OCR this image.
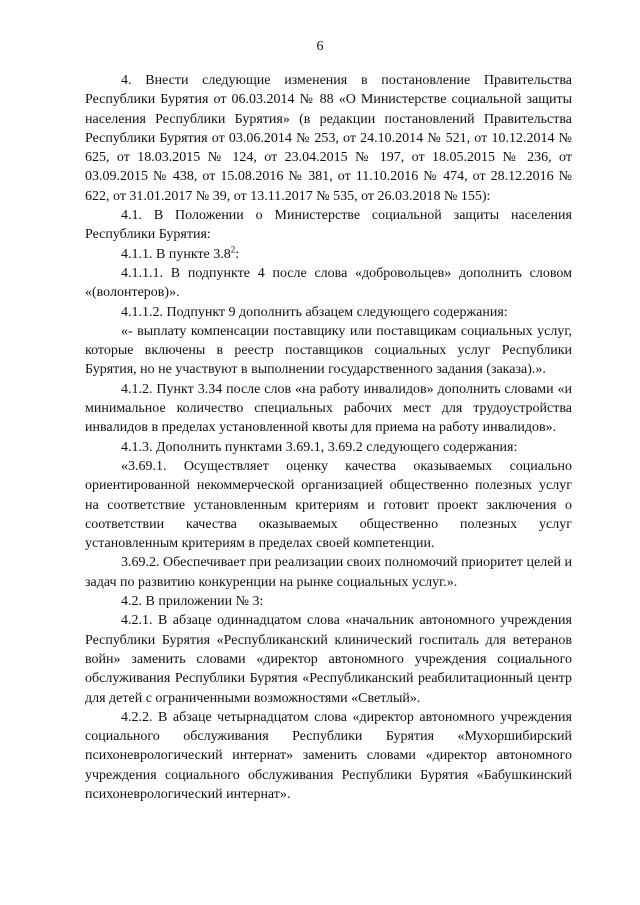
6

4. Внести следующие изменения в постановление Правительства Республики Бурятия от 06.03.2014 № 88 «О Министерстве социальной защиты населения Республики Бурятия» (в редакции постановлений Правительства Республики Бурятия от 03.06.2014 № 253, от 24.10.2014 № 521, от 10.12.2014 № 625, от 18.03.2015 № 124, от 23.04.2015 № 197, от 18.05.2015 № 236, от 03.09.2015 № 438, от 15.08.2016 № 381, от 11.10.2016 № 474, от 28.12.2016 № 622, от 31.01.2017 № 39, от 13.11.2017 № 535, от 26.03.2018 № 155):

4.1. В Положении о Министерстве социальной защиты населения Республики Бурятия:

4.1.1. В пункте $3.8^2$:

4.1.1.1. В подпункте 4 после слова «добровольцев» дополнить словом «(волонтеров)».

4.1.1.2. Подпункт 9 дополнить абзацем следующего содержания:

«- выплату компенсации поставщику или поставщикам социальных услуг, которые включены в реестр поставщиков социальных услуг Республики Бурятия, но не участвуют в выполнении государственного задания (заказа).».

4.1.2. Пункт 3.34 после слов «на работу инвалидов» дополнить словами «и минимальное количество специальных рабочих мест для трудоустройства инвалидов в пределах установленной квоты для приема на работу инвалидов».

4.1.3. Дополнить пунктами 3.69.1, 3.69.2 следующего содержания:

«3.69.1. Осуществляет оценку качества оказываемых социально ориентированной некоммерческой организацией общественно полезных услуг на соответствие установленным критериям и готовит проект заключения о соответствии качества оказываемых общественно полезных услуг установленным критериям в пределах своей компетенции.

3.69.2. Обеспечивает при реализации своих полномочий приоритет целей и задач по развитию конкуренции на рынке социальных услуг.».

4.2. В приложении № 3:

4.2.1. В абзаце одиннадцатом слова «начальник автономного учреждения Республики Бурятия «Республиканский клинический госпиталь для ветеранов войн» заменить словами «директор автономного учреждения социального обслуживания Республики Бурятия «Республиканский реабилитационный центр для детей с ограниченными возможностями «Светлый».

4.2.2. В абзаце четырнадцатом слова «директор автономного учреждения социального обслуживания Республики Бурятия «Мухоршибирский психоневрологический интернат» заменить словами «директор автономного учреждения социального обслуживания Республики Бурятия «Бабушкинский психоневрологический интернат».
